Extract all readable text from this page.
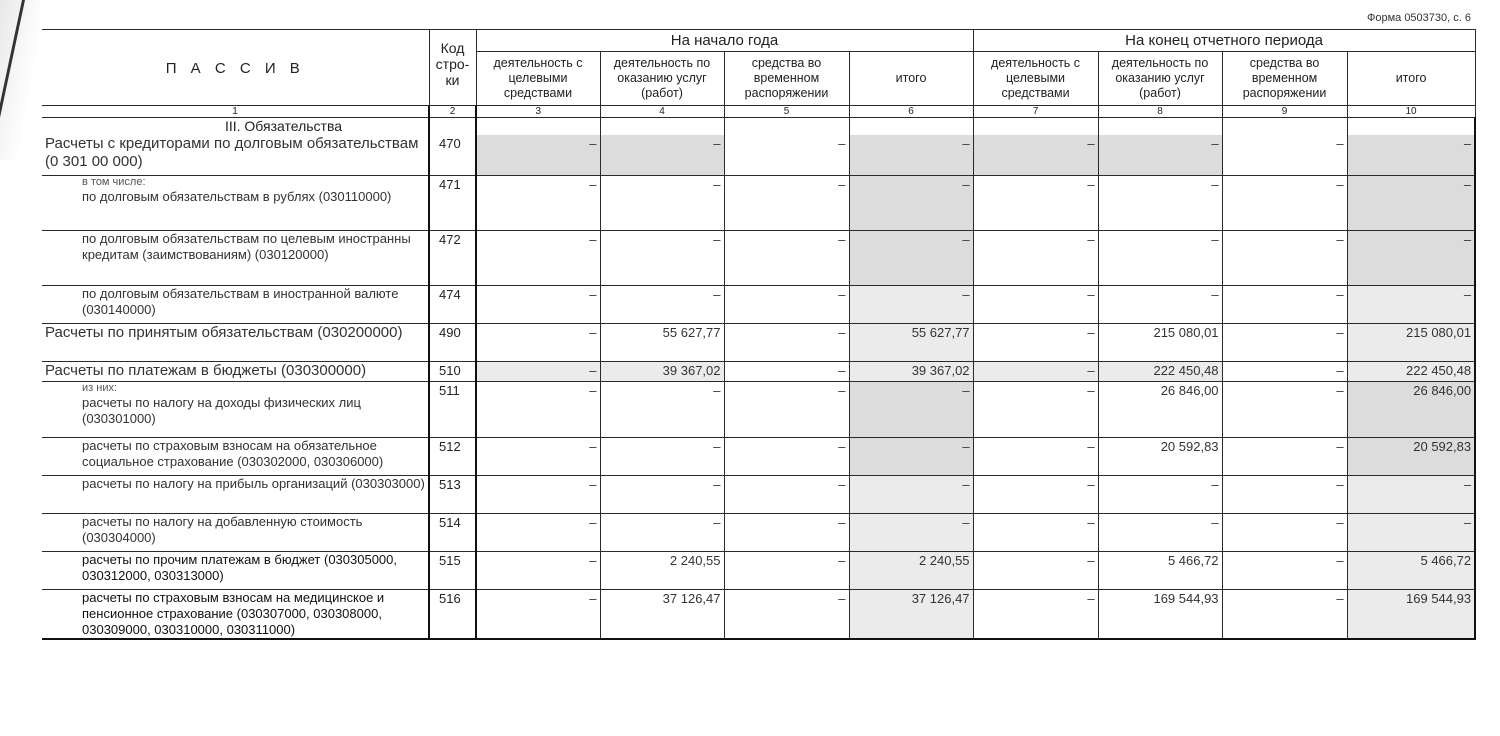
Форма 0503730, с. 6
П А С С И В	Код стро-ки	На начало года				На конец отчетного периода			
		деятельность с целевыми средствами	деятельность по оказанию услуг (работ)	средства во временном распоряжении	итого	деятельность с целевыми средствами	деятельность по оказанию услуг (работ)	средства во временном распоряжении	итого
1	2	3	4	5	6	7	8	9	10
III. Обязательства									

Расчеты с кредиторами по долговым обязательствам (0 301 00 000)	470	–	–	–	–	–	–	–	–

в том числе:
по долговым обязательствам в рублях (030110000)	471	–	–	–	–	–	–	–	–

по долговым обязательствам по целевым иностранны кредитам (заимствованиям) (030120000)	472	–	–	–	–	–	–	–	–

по долговым обязательствам в иностранной валюте (030140000)	474	–	–	–	–	–	–	–	–

Расчеты по принятым обязательствам (030200000)	490	–	55 627,77	–	55 627,77	–	215 080,01	–	215 080,01

Расчеты по платежам в бюджеты (030300000)	510	–	39 367,02	–	39 367,02	–	222 450,48	–	222 450,48

из них:
расчеты по налогу на доходы физических лиц (030301000)	511	–	–	–	–	–	26 846,00	–	26 846,00

расчеты по страховым взносам на обязательное социальное страхование (030302000, 030306000)	512	–	–	–	–	–	20 592,83	–	20 592,83

расчеты по налогу на прибыль организаций (030303000)	513	–	–	–	–	–	–	–	–

расчеты по налогу на добавленную стоимость (030304000)	514	–	–	–	–	–	–	–	–

расчеты по прочим платежам в бюджет (030305000, 030312000, 030313000)	515	–	2 240,55	–	2 240,55	–	5 466,72	–	5 466,72

расчеты по страховым взносам на медицинское и пенсионное страхование (030307000, 030308000, 030309000, 030310000, 030311000)	516	–	37 126,47	–	37 126,47	–	169 544,93	–	169 544,93
